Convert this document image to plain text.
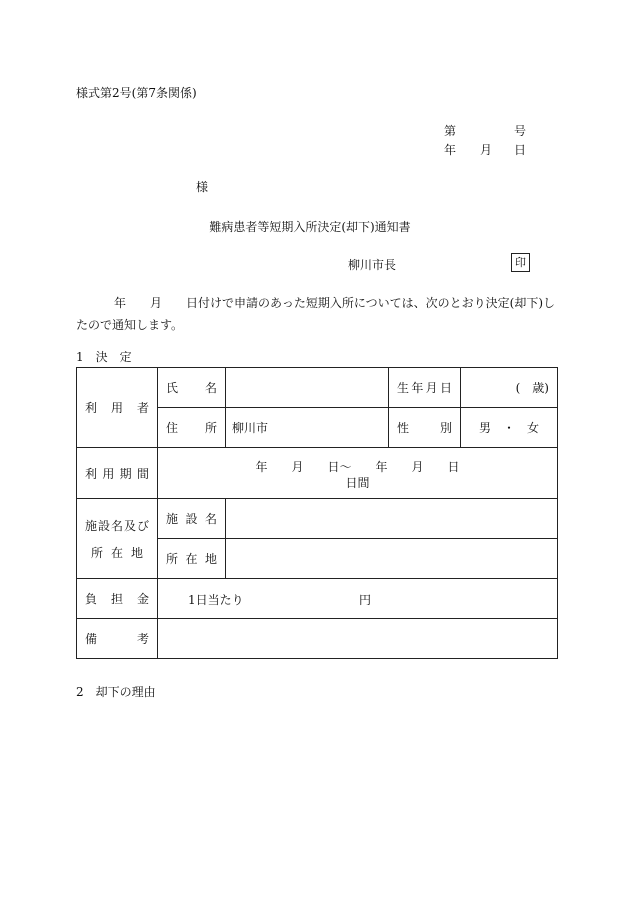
様式第2号(第7条関係)
第	号
年 月 日
様
難病患者等短期入所決定(却下)通知書
柳川市長	印
年 月 日付けで申請のあった短期入所については、次のとおり決定(却下)したので通知します。
1　決　定
利用者	氏名		生年月日	(　歳)
	住所	柳川市	性別	男　・　女
利用期間	年　　月　　日〜　　年　　月　　日
日間			

施設名及び
所在地	施設名			
	所在地			
負担金	1日当たり 円			

備考				
2　却下の理由
